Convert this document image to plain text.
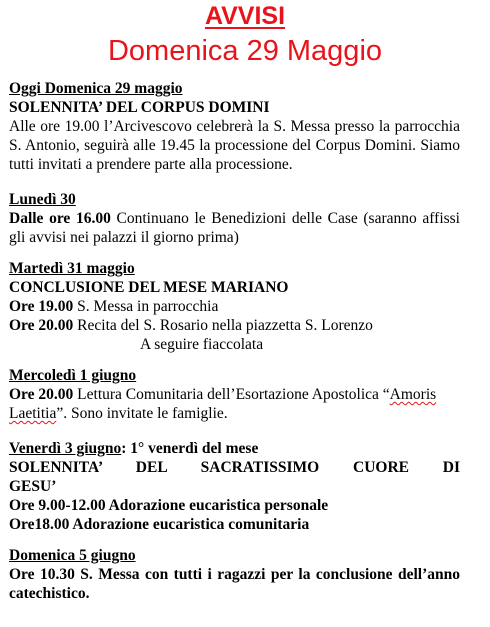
AVVISI
Domenica 29 Maggio
Oggi Domenica 29 maggio
SOLENNITA’ DEL CORPUS DOMINI
Alle ore 19.00 l’Arcivescovo celebrerà la S. Messa presso la parrocchia S. Antonio, seguirà alle 19.45 la processione del Corpus Domini. Siamo tutti invitati a prendere parte alla processione.
Lunedì 30
Dalle ore 16.00 Continuano le Benedizioni delle Case (saranno affissi gli avvisi nei palazzi il giorno prima)
Martedì 31 maggio
CONCLUSIONE DEL MESE MARIANO
Ore 19.00 S. Messa in parrocchia
Ore 20.00 Recita del S. Rosario nella piazzetta S. Lorenzo
A seguire fiaccolata
Mercoledì 1 giugno
Ore 20.00 Lettura Comunitaria dell’Esortazione Apostolica “Amoris Laetitia”. Sono invitate le famiglie.
Venerdì 3 giugno: 1° venerdì del mese
SOLENNITA’ DEL SACRATISSIMO CUORE DI
GESU’
Ore 9.00-12.00 Adorazione eucaristica personale
Ore18.00 Adorazione eucaristica comunitaria
Domenica 5 giugno
Ore 10.30 S. Messa con tutti i ragazzi per la conclusione dell’anno catechistico.
